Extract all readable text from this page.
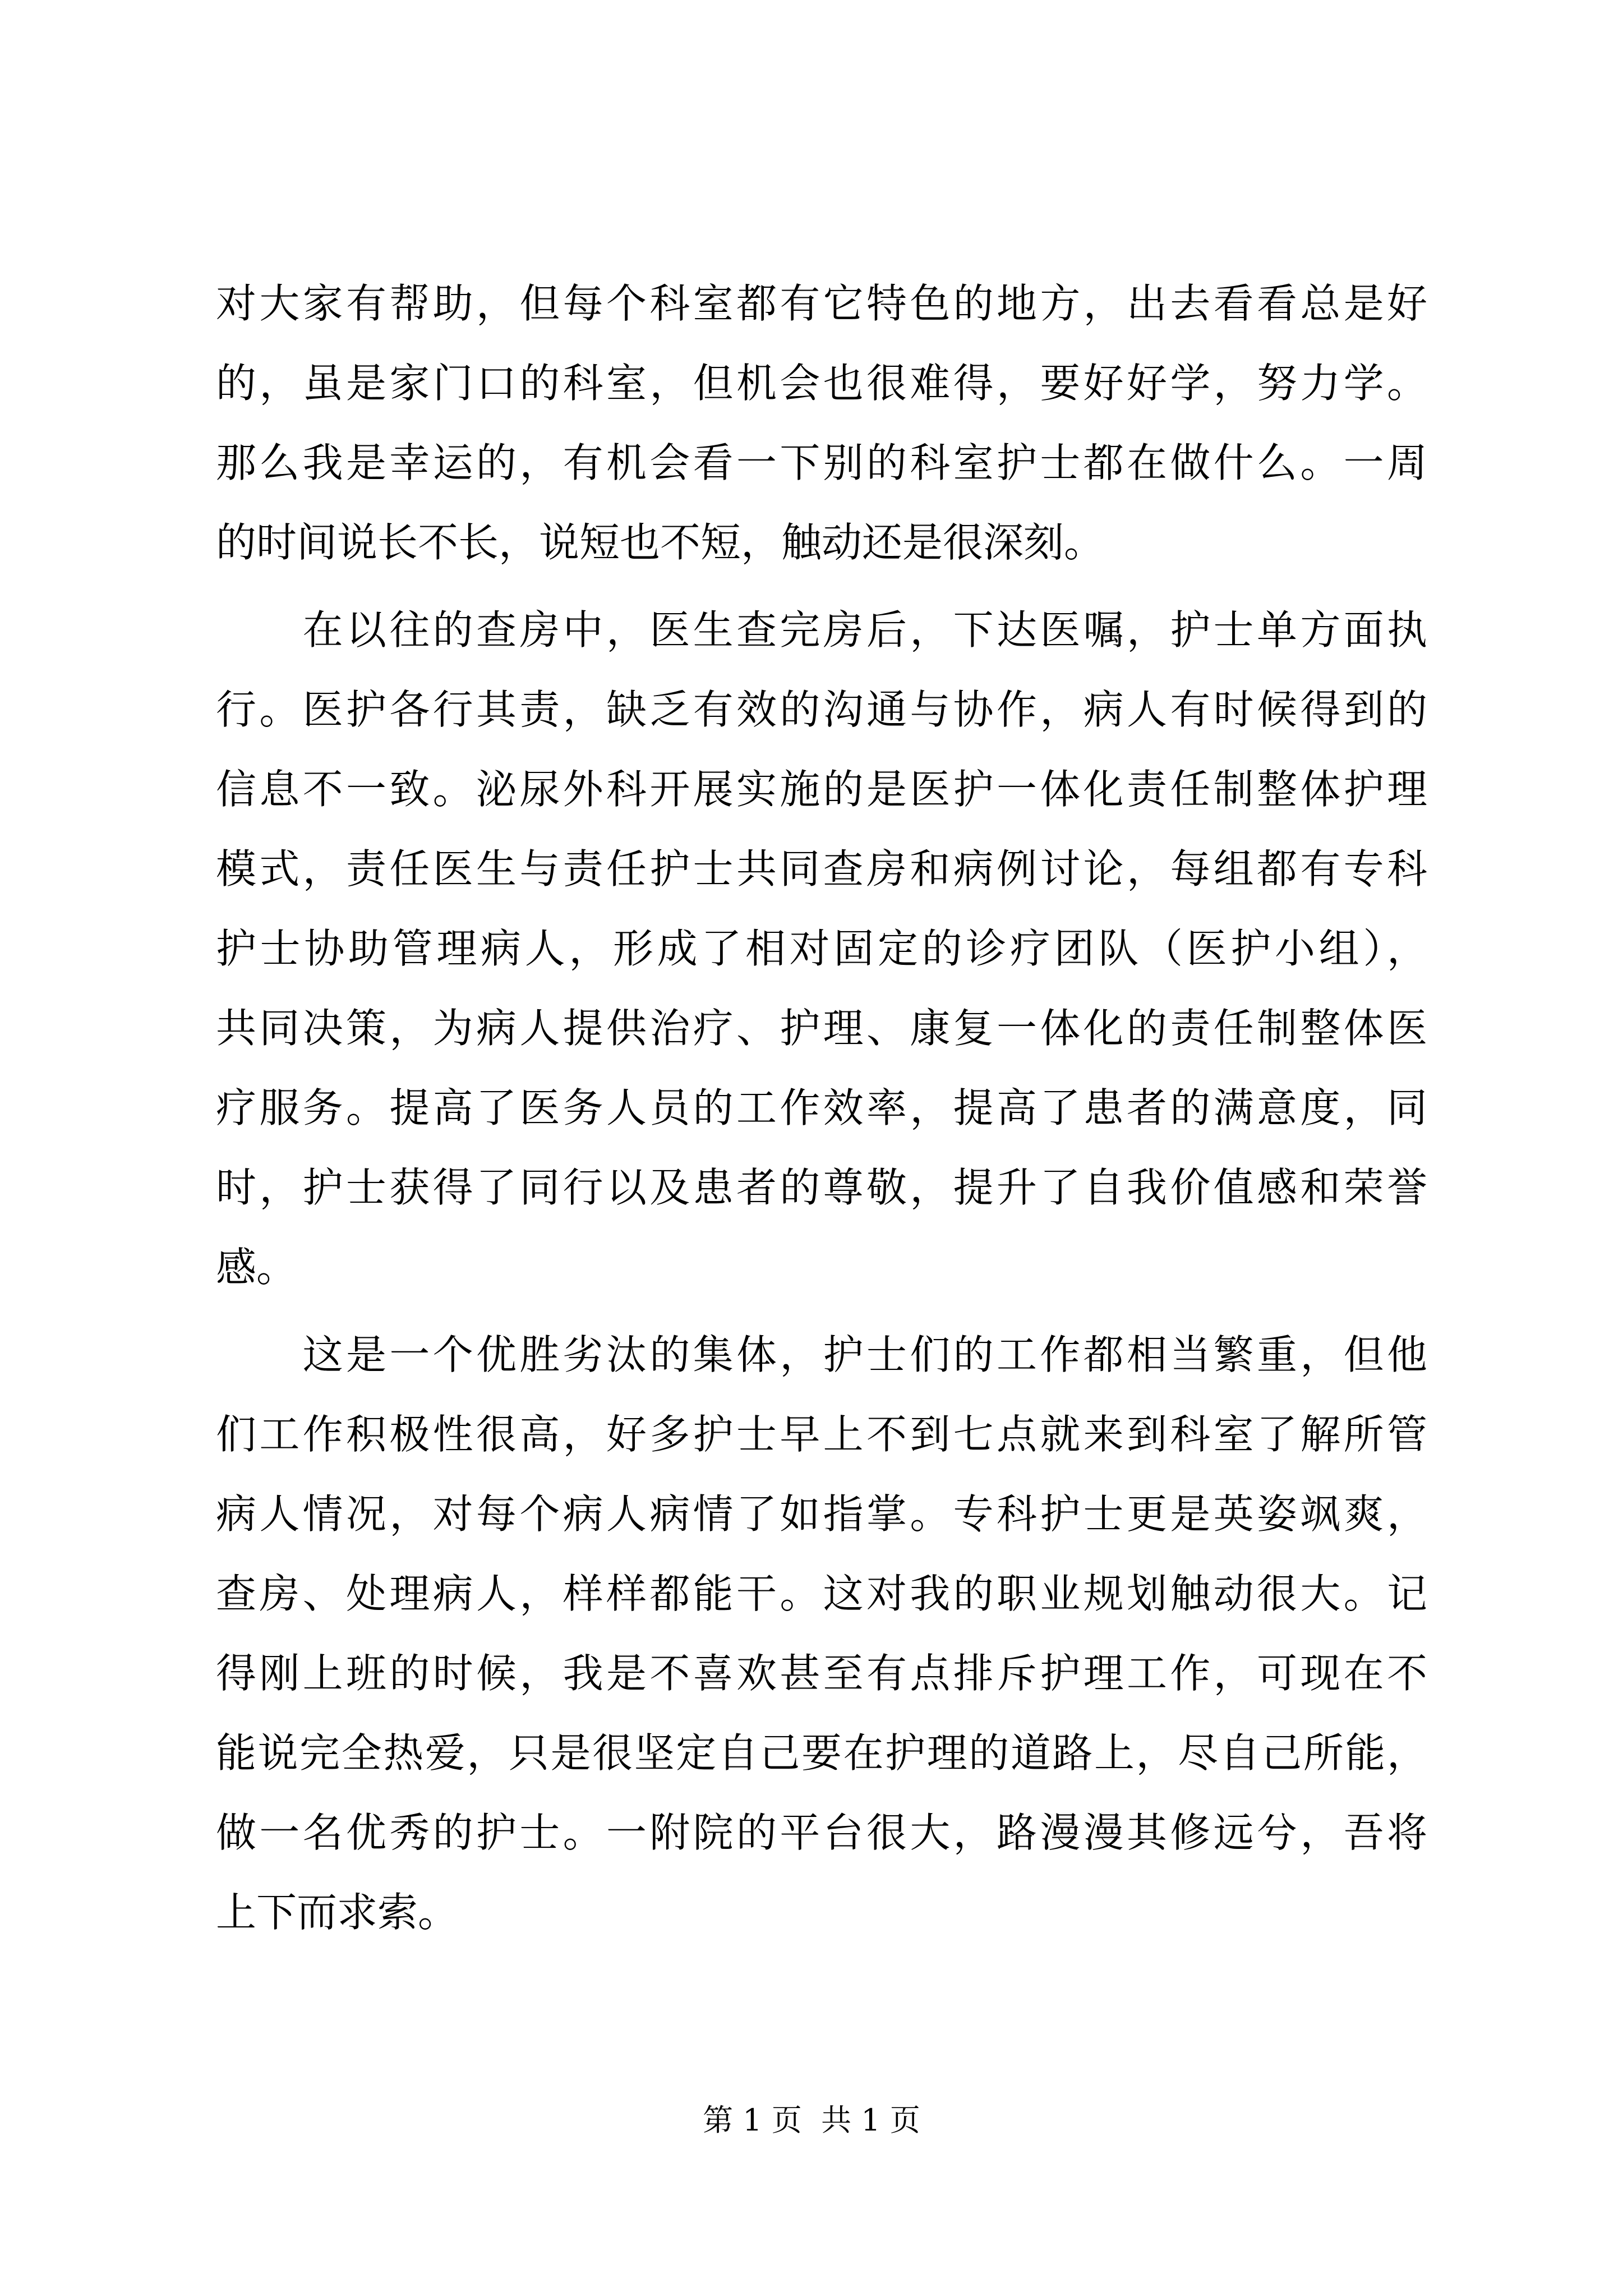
对大家有帮助，但每个科室都有它特色的地方，出去看看总是好
的，虽是家门口的科室，但机会也很难得，要好好学，努力学。
那么我是幸运的，有机会看一下别的科室护士都在做什么。一周
的时间说长不长，说短也不短，触动还是很深刻。

　　在以往的查房中，医生查完房后，下达医嘱，护士单方面执
行。医护各行其责，缺乏有效的沟通与协作，病人有时候得到的
信息不一致。泌尿外科开展实施的是医护一体化责任制整体护理
模式，责任医生与责任护士共同查房和病例讨论，每组都有专科
护士协助管理病人，形成了相对固定的诊疗团队（医护小组），
共同决策，为病人提供治疗、护理、康复一体化的责任制整体医
疗服务。提高了医务人员的工作效率，提高了患者的满意度，同
时，护士获得了同行以及患者的尊敬，提升了自我价值感和荣誉
感。

　　这是一个优胜劣汰的集体，护士们的工作都相当繁重，但他
们工作积极性很高，好多护士早上不到七点就来到科室了解所管
病人情况，对每个病人病情了如指掌。专科护士更是英姿飒爽，
查房、处理病人，样样都能干。这对我的职业规划触动很大。记
得刚上班的时候，我是不喜欢甚至有点排斥护理工作，可现在不
能说完全热爱，只是很坚定自己要在护理的道路上，尽自己所能，
做一名优秀的护士。一附院的平台很大，路漫漫其修远兮，吾将
上下而求索。

第 1 页  共 1 页
